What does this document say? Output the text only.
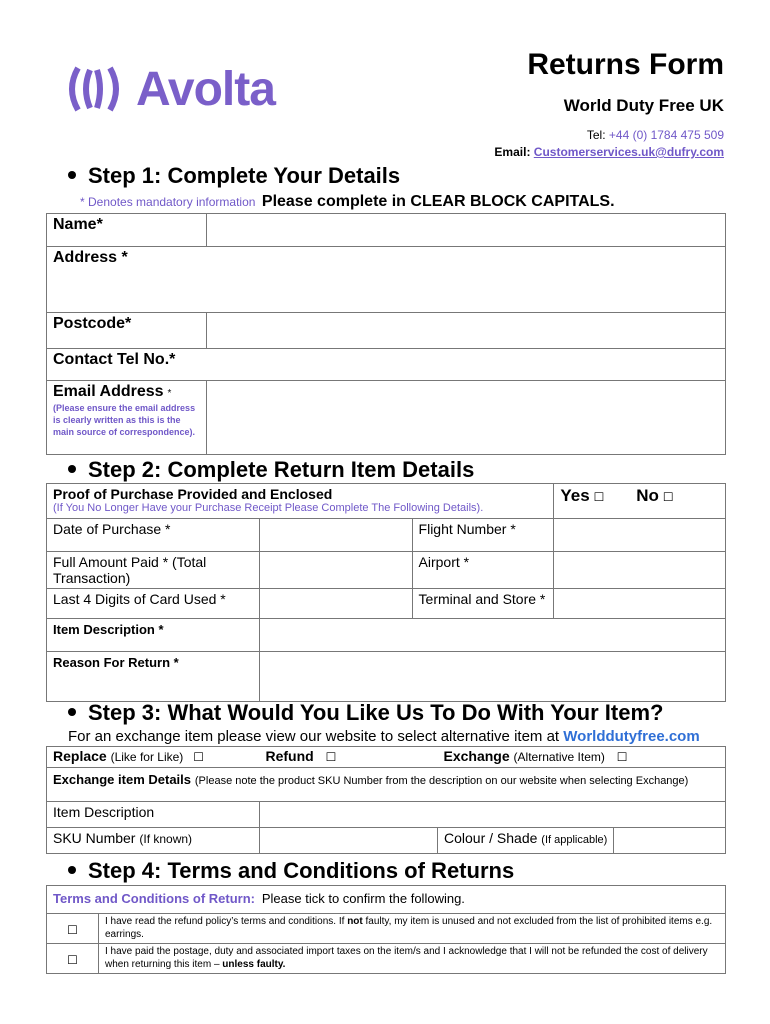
Avolta	Returns Form
World Duty Free UK
Tel: +44 (0) 1784 475 509
Email: Customerservices.uk@dufry.com
Step 1: Complete Your Details
* Denotes mandatory information Please complete in CLEAR BLOCK CAPITALS.
Name*	
Address *	
Postcode*	
Contact Tel No.*	
Email Address *
(Please ensure the email address is clearly written as this is the main source of correspondence).	

Step 2: Complete Return Item Details
Proof of Purchase Provided and Enclosed
(If You No Longer Have your Purchase Receipt Please Complete The Following Details).			Yes ☐ No ☐
Date of Purchase *		Flight Number *	
Full Amount Paid * (Total Transaction)		Airport *	
Last 4 Digits of Card Used *		Terminal and Store *	
Item Description *			
Reason For Return *			
Step 3: What Would You Like Us To Do With Your Item?
For an exchange item please view our website to select alternative item at Worlddutyfree.com
Replace (Like for Like) ☐	Refund ☐	Exchange (Alternative Item) ☐	
Exchange item Details (Please note the product SKU Number from the description on our website when selecting Exchange)			
Item Description			
SKU Number (If known)		Colour / Shade (If applicable)	
Step 4: Terms and Conditions of Returns
Terms and Conditions of Return: Please tick to confirm the following.	
☐	I have read the refund policy’s terms and conditions. If not faulty, my item is unused and not excluded from the list of prohibited items e.g. earrings.
☐	I have paid the postage, duty and associated import taxes on the item/s and I acknowledge that I will not be refunded the cost of delivery when returning this item – unless faulty.
